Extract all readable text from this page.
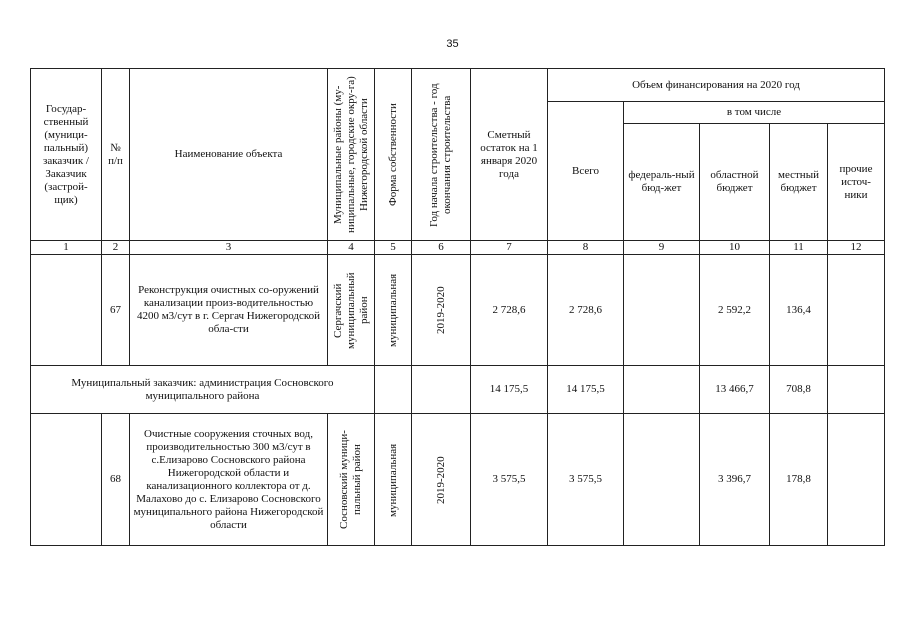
35
Государ-ственный (муници-пальный) заказчик / Заказчик (застрой-щик)	№ п/п	Наименование объекта	Муниципальные районы (му-ниципальные, городские окру-га) Нижегородской области	Форма собственности	Год начала строительства - год окончания строительства	Сметный остаток на 1 января 2020 года	Объем финансирования на 2020 год				
							Всего	в том числе			
								федераль-ный бюд-жет	областной бюджет	местный бюджет	прочие источ-ники
1	2	3	4	5	6	7	8	9	10	11	12
	67	Реконструкция очистных со-оружений канализации произ-водительностью 4200 м3/сут в г. Сергач Нижегородской обла-сти	Сергачский муниципальный район	муниципальная	2019-2020	2 728,6	2 728,6		2 592,2	136,4	
Муниципальный заказчик: администрация Сосновского муниципального района						14 175,5	14 175,5		13 466,7	708,8	
	68	Очистные сооружения сточных вод, производительностью 300 м3/сут в с.Елизарово Сосновского района Нижегородской области и канализационного коллектора от д. Малахово до с. Елизарово Сосновского муниципального района Нижегородской области	Сосновский муници-пальный район	муниципальная	2019-2020	3 575,5	3 575,5		3 396,7	178,8	
